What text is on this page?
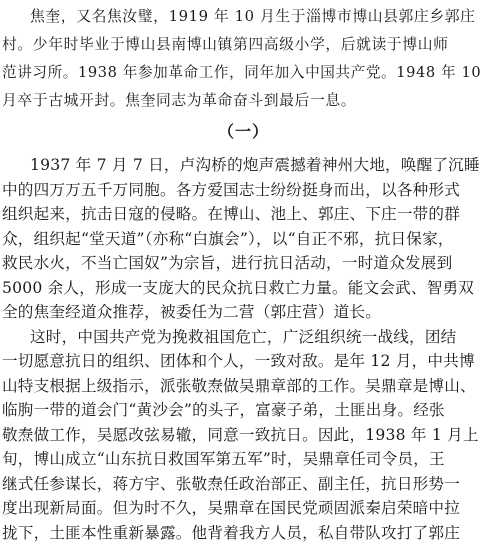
焦奎，又名焦汝璧，1919 年 10 月生于淄博市博山县郭庄乡郭庄
村。少年时毕业于博山县南博山镇第四高级小学，后就读于博山师
范讲习所。1938 年参加革命工作，同年加入中国共产党。1948 年 10
月卒于古城开封。焦奎同志为革命奋斗到最后一息。
（一）
1937 年 7 月 7 日，卢沟桥的炮声震撼着神州大地，唤醒了沉睡
中的四万万五千万同胞。各方爱国志士纷纷挺身而出，以各种形式
组织起来，抗击日寇的侵略。在博山、池上、郭庄、下庄一带的群
众，组织起“堂天道”（亦称“白旗会”），以“自正不邪，抗日保家，
救民水火，不当亡国奴”为宗旨，进行抗日活动，一时道众发展到
5000 余人，形成一支庞大的民众抗日救亡力量。能文会武、智勇双
全的焦奎经道众推荐，被委任为二营（郭庄营）道长。
这时，中国共产党为挽救祖国危亡，广泛组织统一战线，团结
一切愿意抗日的组织、团体和个人，一致对敌。是年 12 月，中共博
山特支根据上级指示，派张敬焘做吴鼎章部的工作。吴鼎章是博山、
临朐一带的道会门“黄沙会”的头子，富豪子弟，土匪出身。经张
敬焘做工作，吴愿改弦易辙，同意一致抗日。因此，1938 年 1 月上
旬，博山成立“山东抗日救国军第五军”时，吴鼎章任司令员，王
继式任参谋长，蒋方宇、张敬焘任政治部正、副主任，抗日形势一
度出现新局面。但为时不久，吴鼎章在国民党顽固派秦启荣暗中拉
拢下，土匪本性重新暴露。他背着我方人员，私自带队攻打了郭庄
